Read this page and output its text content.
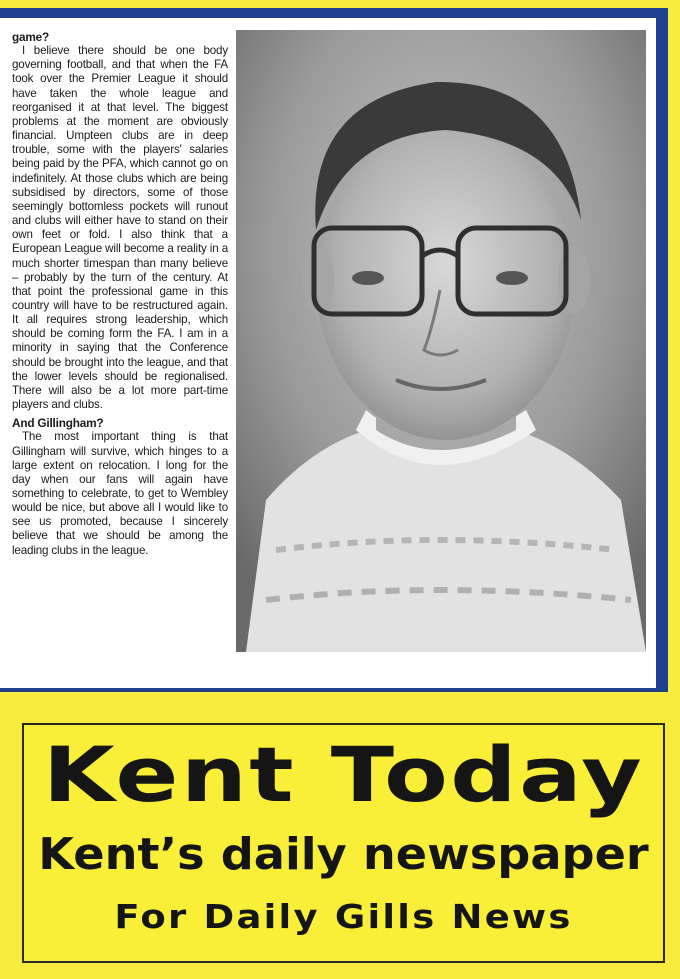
game?

I believe there should be one body governing football, and that when the FA took over the Premier League it should have taken the whole league and reorganised it at that level. The biggest problems at the moment are obviously financial. Umpteen clubs are in deep trouble, some with the players' salaries being paid by the PFA, which cannot go on indefinitely. At those clubs which are being subsidised by directors, some of those seemingly bottomless pockets will runout and clubs will either have to stand on their own feet or fold. I also think that a European League will become a reality in a much shorter timespan than many believe – probably by the turn of the century. At that point the professional game in this country will have to be restructured again. It all requires strong leadership, which should be coming form the FA. I am in a minority in saying that the Conference should be brought into the league, and that the lower levels should be regionalised. There will also be a lot more part-time players and clubs.

And Gillingham?

The most important thing is that Gillingham will survive, which hinges to a large extent on relocation. I long for the day when our fans will again have something to celebrate, to get to Wembley would be nice, but above all I would like to see us promoted, because I sincerely believe that we should be among the leading clubs in the league.

Kent Today
Kent’s daily newspaper
For Daily Gills News
